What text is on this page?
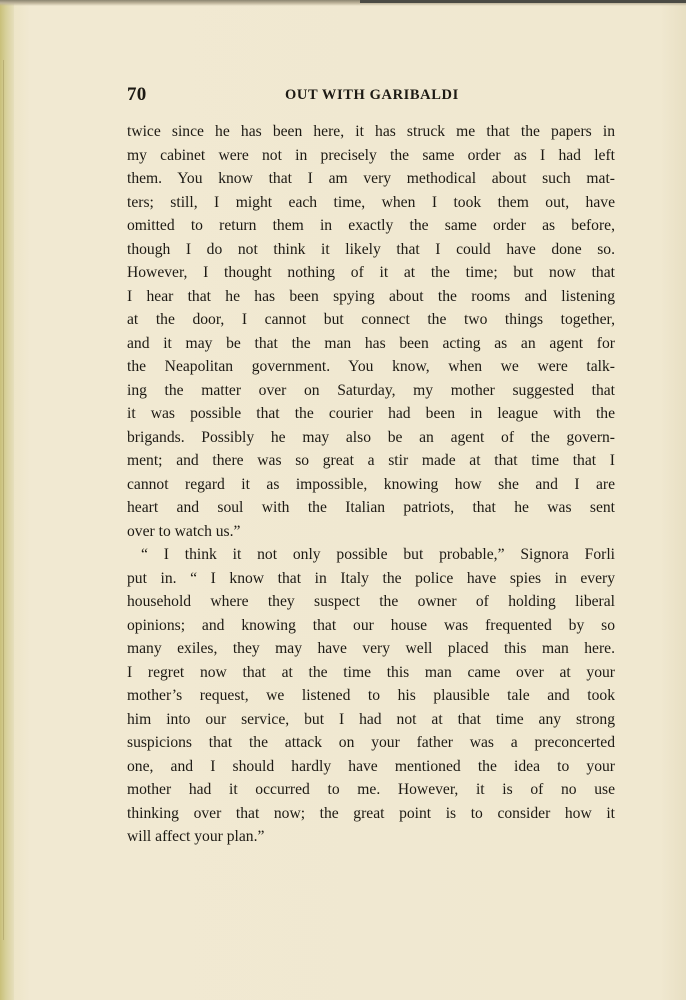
70	OUT WITH GARIBALDI
twice since he has been here, it has struck me that the papers in
my cabinet were not in precisely the same order as I had left
them. You know that I am very methodical about such mat-
ters; still, I might each time, when I took them out, have
omitted to return them in exactly the same order as before,
though I do not think it likely that I could have done so.
However, I thought nothing of it at the time; but now that
I hear that he has been spying about the rooms and listening
at the door, I cannot but connect the two things together,
and it may be that the man has been acting as an agent for
the Neapolitan government. You know, when we were talk-
ing the matter over on Saturday, my mother suggested that
it was possible that the courier had been in league with the
brigands. Possibly he may also be an agent of the govern-
ment; and there was so great a stir made at that time that I
cannot regard it as impossible, knowing how she and I are
heart and soul with the Italian patriots, that he was sent
over to watch us.”
“ I think it not only possible but probable,” Signora Forli
put in. “ I know that in Italy the police have spies in every
household where they suspect the owner of holding liberal
opinions; and knowing that our house was frequented by so
many exiles, they may have very well placed this man here.
I regret now that at the time this man came over at your
mother’s request, we listened to his plausible tale and took
him into our service, but I had not at that time any strong
suspicions that the attack on your father was a preconcerted
one, and I should hardly have mentioned the idea to your
mother had it occurred to me. However, it is of no use
thinking over that now; the great point is to consider how it
will affect your plan.”
